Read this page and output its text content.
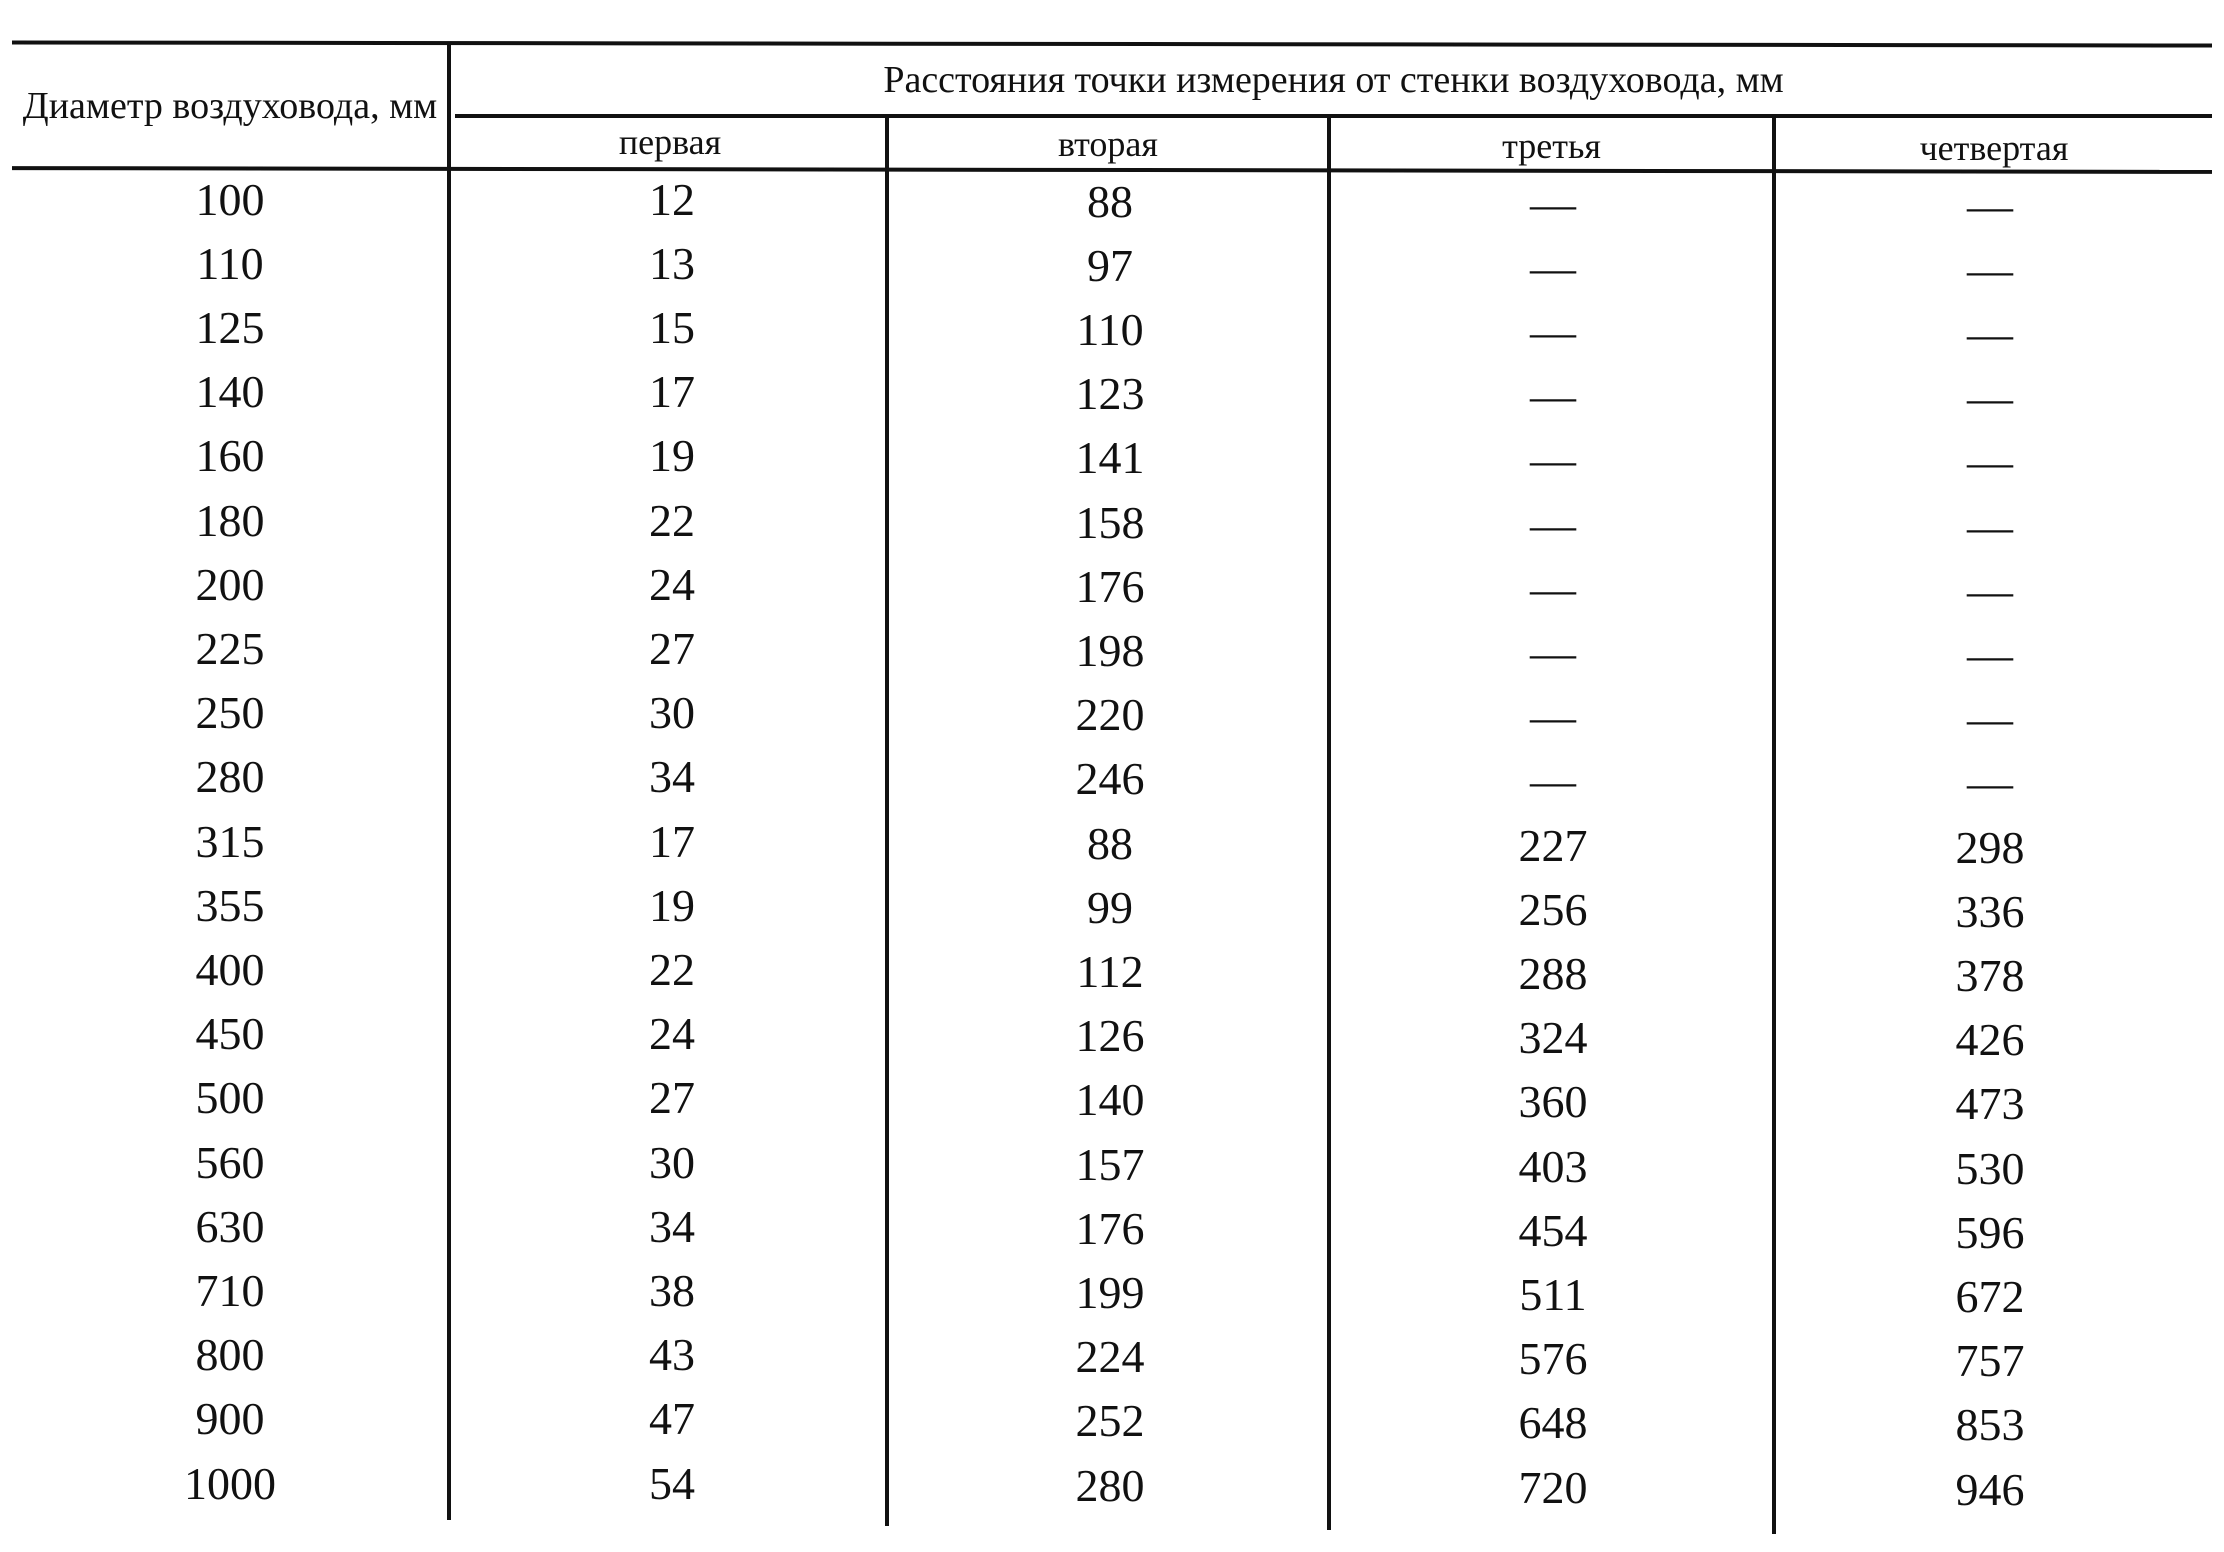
Диаметр воздуховода, мм
Расстояния точки измерения от стенки воздуховода, мм
первая	вторая	третья	четвертая
100	12	88	—	—
110	13	97	—	—
125	15	110	—	—
140	17	123	—	—
160	19	141	—	—
180	22	158	—	—
200	24	176	—	—
225	27	198	—	—
250	30	220	—	—
280	34	246	—	—
315	17	88	227	298
355	19	99	256	336
400	22	112	288	378
450	24	126	324	426
500	27	140	360	473
560	30	157	403	530
630	34	176	454	596
710	38	199	511	672
800	43	224	576	757
900	47	252	648	853
1000	54	280	720	946
